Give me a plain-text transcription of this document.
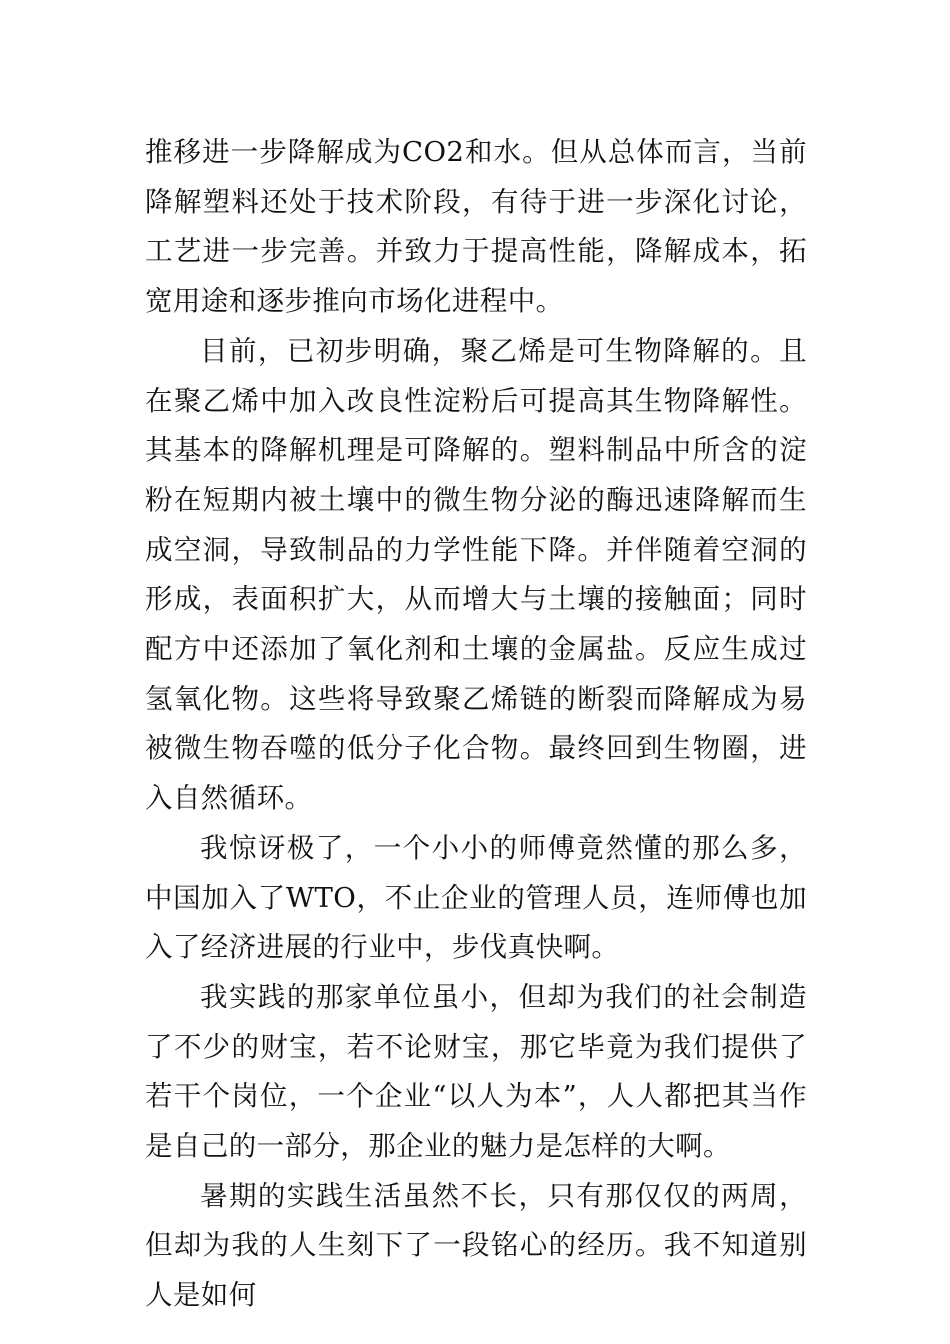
推移进一步降解成为CO2和水。但从总体而言，当前降解塑料还处于技术阶段，有待于进一步深化讨论，工艺进一步完善。并致力于提高性能，降解成本，拓宽用途和逐步推向市场化进程中。

目前，已初步明确，聚乙烯是可生物降解的。且在聚乙烯中加入改良性淀粉后可提高其生物降解性。其基本的降解机理是可降解的。塑料制品中所含的淀粉在短期内被土壤中的微生物分泌的酶迅速降解而生成空洞，导致制品的力学性能下降。并伴随着空洞的形成，表面积扩大，从而增大与土壤的接触面；同时配方中还添加了氧化剂和土壤的金属盐。反应生成过氢氧化物。这些将导致聚乙烯链的断裂而降解成为易被微生物吞噬的低分子化合物。最终回到生物圈，进入自然循环。

我惊讶极了，一个小小的师傅竟然懂的那么多，中国加入了WTO，不止企业的管理人员，连师傅也加入了经济进展的行业中，步伐真快啊。

我实践的那家单位虽小，但却为我们的社会制造了不少的财宝，若不论财宝，那它毕竟为我们提供了若干个岗位，一个企业“以人为本”，人人都把其当作是自己的一部分，那企业的魅力是怎样的大啊。

暑期的实践生活虽然不长，只有那仅仅的两周，但却为我的人生刻下了一段铭心的经历。我不知道别人是如何
